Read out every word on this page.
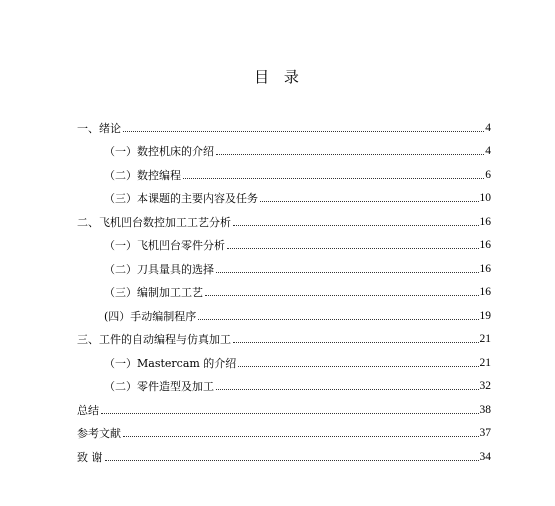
目 录
一、绪论	4
（一）数控机床的介绍	4
（二）数控编程	6
（三）本课题的主要内容及任务	10
二、飞机凹台数控加工工艺分析	16
（一）飞机凹台零件分析	16
（二）刀具量具的选择	16
（三）编制加工工艺	16
(四）手动编制程序	19
三、工件的自动编程与仿真加工	21
（一）Mastercam 的介绍	21
（二）零件造型及加工	32
总结	38
参考文献	37
致 谢	34
